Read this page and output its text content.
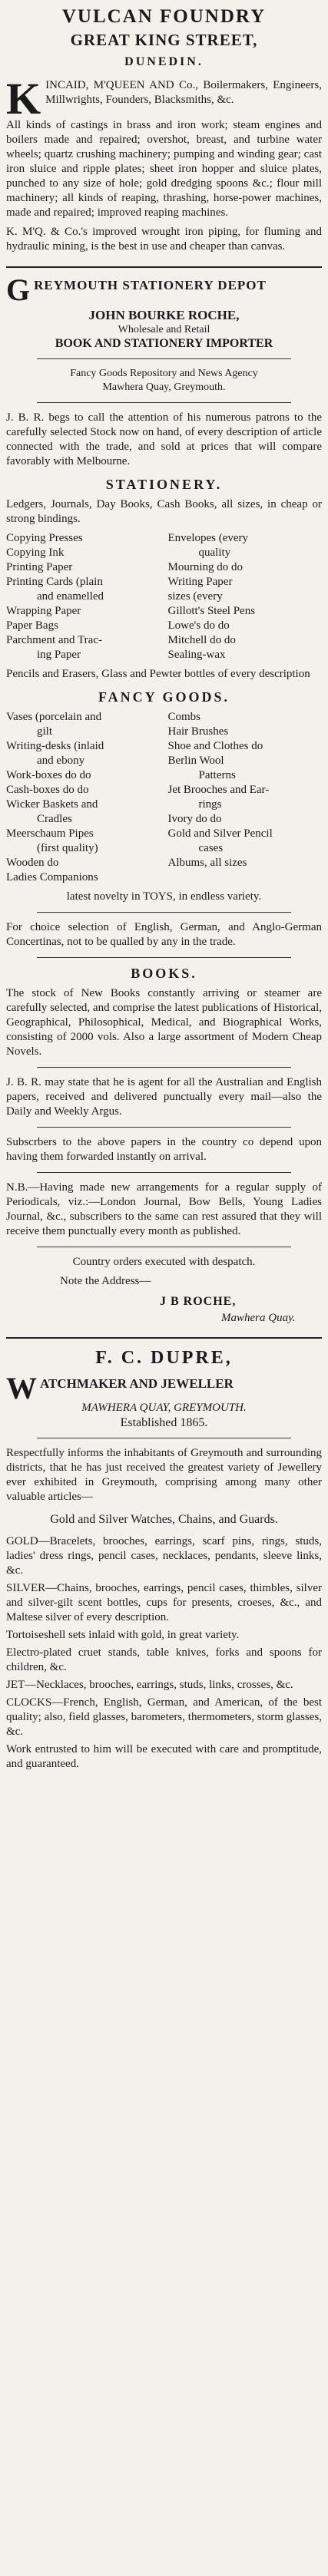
VULCAN FOUNDRY
GREAT KING STREET,
DUNEDIN.

K INCAID, M'QUEEN AND Co., Boilermakers, Engineers, Millwrights, Founders, Blacksmiths, &c.

All kinds of castings in brass and iron work; steam engines and boilers made and repaired; overshot, breast, and turbine water wheels; quartz crushing machinery; pumping and winding gear; cast iron sluice and ripple plates; sheet iron hopper and sluice plates, punched to any size of hole; gold dredging spoons &c.; flour mill machinery; all kinds of reaping, thrashing, horse-power machines, made and repaired; improved reaping machines.

K. M'Q. & Co.'s improved wrought iron piping, for fluming and hydraulic mining, is the best in use and cheaper than canvas.

G REYMOUTH STATIONERY DEPOT
JOHN BOURKE ROCHE,
Wholesale and Retail
BOOK AND STATIONERY IMPORTER
Fancy Goods Repository and News Agency
Mawhera Quay, Greymouth.

J. B. R. begs to call the attention of his numerous patrons to the carefully selected Stock now on hand, of every description of article connected with the trade, and sold at prices that will compare favorably with Melbourne.

STATIONERY.

Ledgers, Journals, Day Books, Cash Books, all sizes, in cheap or strong bindings.

Copying Presses	Envelopes (every
Copying Ink	quality
Printing Paper	Mourning do do
Printing Cards (plain	Writing Paper
and enamelled	sizes (every
Wrapping Paper	Gillott's Steel Pens
Paper Bags	Lowe's do do
Parchment and Trac-	Mitchell do do
ing Paper	Sealing-wax

Pencils and Erasers, Glass and Pewter bottles of every description

FANCY GOODS.
Vases (porcelain and	Combs
gilt	Hair Brushes
Writing-desks (inlaid	Shoe and Clothes do
and ebony	Berlin Wool
Work-boxes do do	Patterns
Cash-boxes do do	Jet Brooches and Ear-
Wicker Baskets and	rings
Cradles	Ivory do do
Meerschaum Pipes	Gold and Silver Pencil
(first quality)	cases
Wooden do	Albums, all sizes
Ladies Companions

latest novelty in TOYS, in endless variety.

For choice selection of English, German, and Anglo-German Concertinas, not to be qualled by any in the trade.

BOOKS.

The stock of New Books constantly arriving or steamer are carefully selected, and comprise the latest publications of Historical, Geographical, Philosophical, Medical, and Biographical Works, consisting of 2000 vols. Also a large assortment of Modern Cheap Novels.

J. B. R. may state that he is agent for all the Australian and English papers, received and delivered punctually every mail—also the Daily and Weekly Argus.

Subscrbers to the above papers in the country co depend upon having them forwarded instantly on arrival.

N.B.—Having made new arrangements for a regular supply of Periodicals, viz.:—London Journal, Bow Bells, Young Ladies Journal, &c., subscribers to the same can rest assured that they will receive them punctually every month as published.

Country orders executed with despatch.

Note the Address—

J B ROCHE,
Mawhera Quay.
F. C. DUPRE,
W ATCHMAKER AND JEWELLER
MAWHERA QUAY, GREYMOUTH.
Established 1865.

Respectfully informs the inhabitants of Greymouth and surrounding districts, that he has just received the greatest variety of Jewellery ever exhibited in Greymouth, comprising among many other valuable articles—

Gold and Silver Watches, Chains, and Guards.

GOLD—Bracelets, brooches, earrings, scarf pins, rings, studs, ladies' dress rings, pencil cases, necklaces, pendants, sleeve links, &c.

SILVER—Chains, brooches, earrings, pencil cases, thimbles, silver and silver-gilt scent bottles, cups for presents, croeses, &c., and Maltese silver of every description.

Tortoiseshell sets inlaid with gold, in great variety.

Electro-plated cruet stands, table knives, forks and spoons for children, &c.

JET—Necklaces, brooches, earrings, studs, links, crosses, &c.

CLOCKS—French, English, German, and American, of the best quality; also, field glasses, barometers, thermometers, storm glasses, &c.

Work entrusted to him will be executed with care and promptitude, and guaranteed.
